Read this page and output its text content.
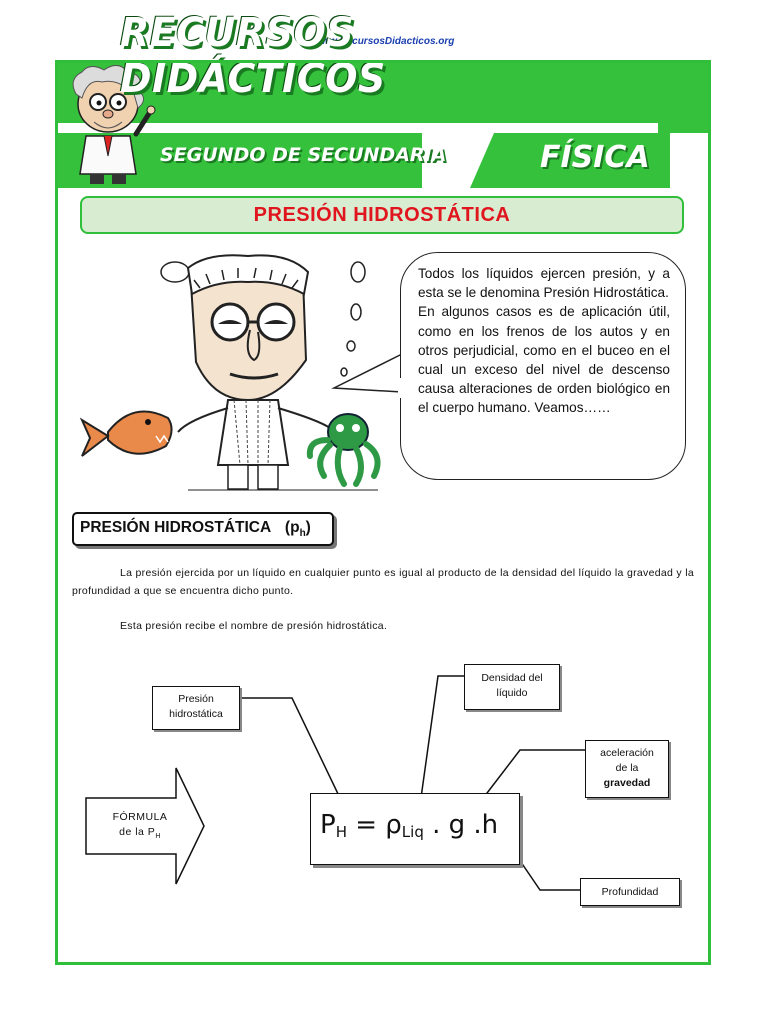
www.RecursosDidacticos.org
RECURSOS DIDÁCTICOS
SEGUNDO DE SECUNDARIA	FÍSICA
PRESIÓN HIDROSTÁTICA

Todos los líquidos ejercen presión, y a esta se le denomina Presión Hidrostática.

En algunos casos es de aplicación útil, como en los frenos de los autos y en otros perjudicial, como en el buceo en el cual un exceso del nivel de descenso causa alteraciones de orden biológico en el cuerpo humano. Veamos……

PRESIÓN HIDROSTÁTICA $(p_h)$
La presión ejercida por un líquido en cualquier punto es igual al producto de la densidad del líquido la gravedad y la profundidad a que se encuentra dicho punto.
Esta presión recibe el nombre de presión hidrostática.
Presión
hidrostática
Densidad del
líquido
aceleración
de la
gravedad
Profundidad
FÓRMULA
de la $P_H$	$P_H = \rho_{Liq}$ . g .h
